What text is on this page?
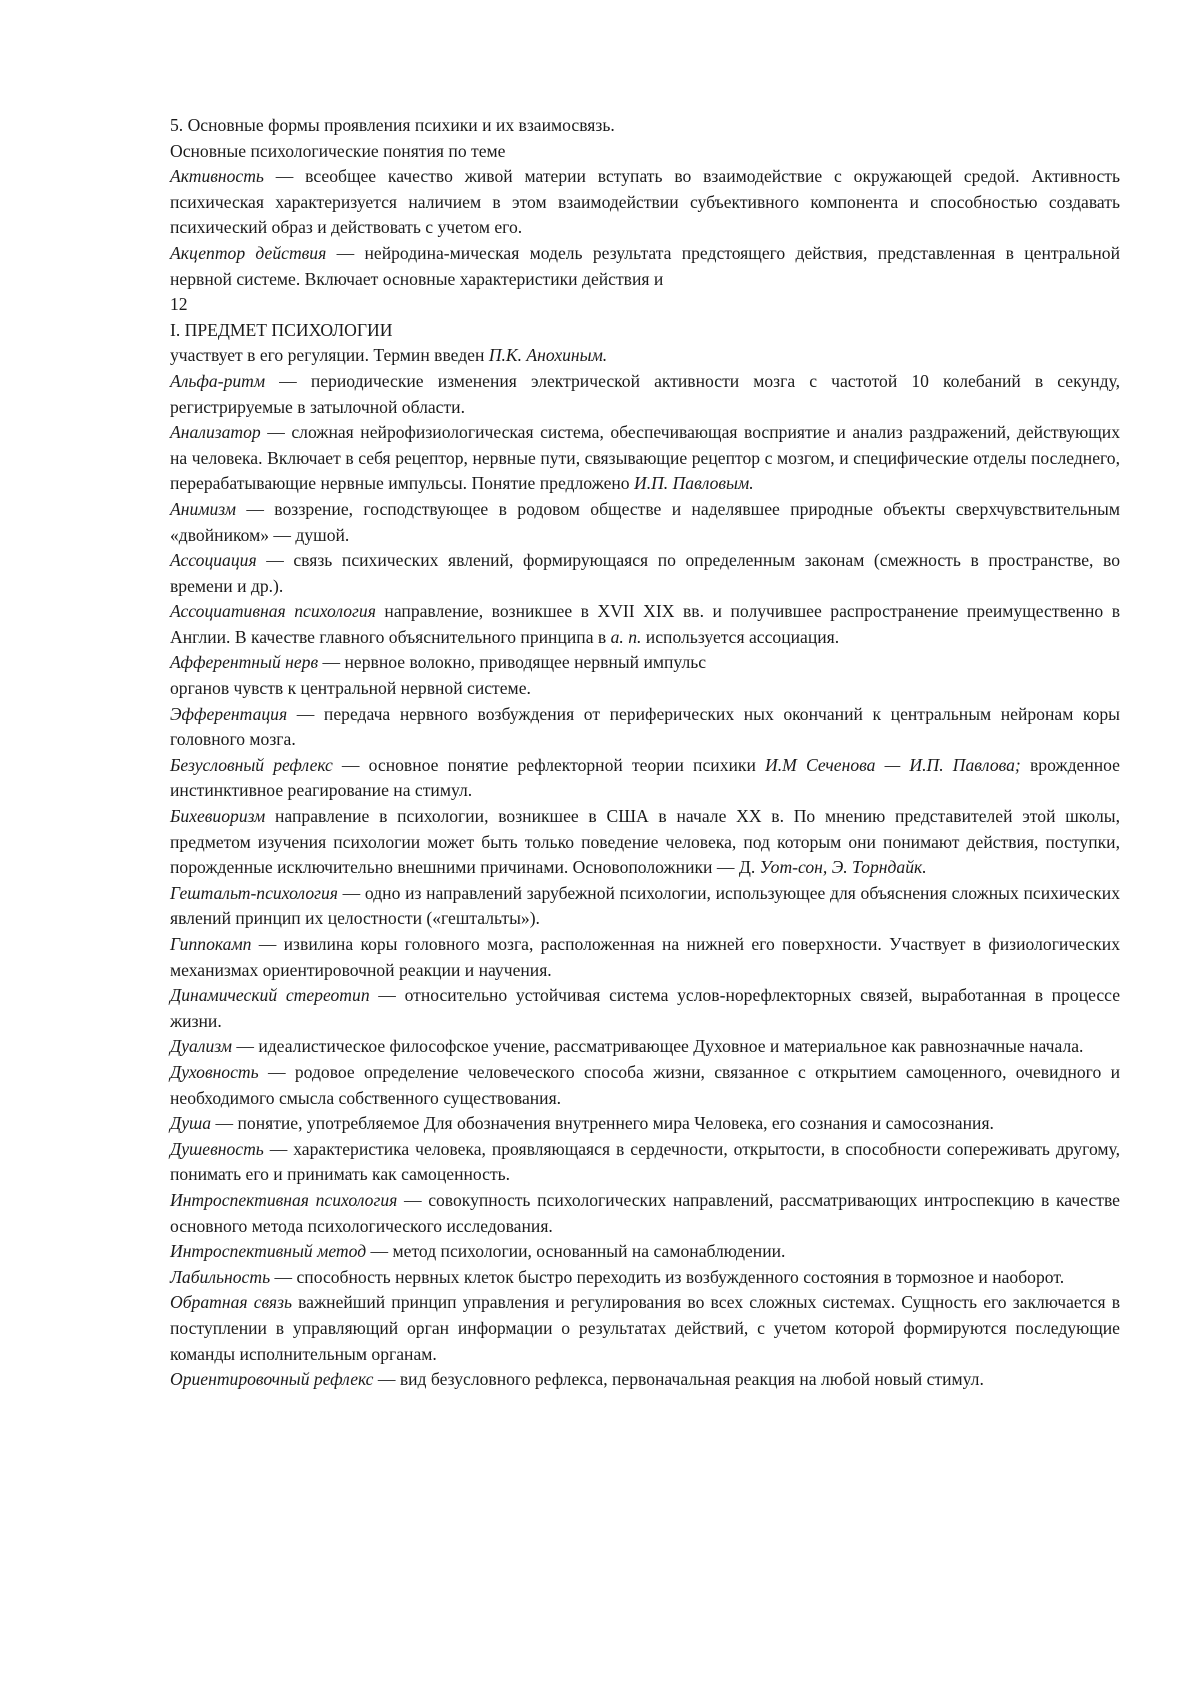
5. Основные формы проявления психики и их взаимосвязь.

Основные психологические понятия по теме

Активность — всеобщее качество живой материи вступать во взаимодействие с окружающей средой. Активность психическая характеризуется наличием в этом взаимодействии субъективного компонента и способностью создавать психический образ и действовать с учетом его.

Акцептор действия — нейродина-мическая модель результата предстоящего действия, представленная в центральной нервной системе. Включает основные характеристики действия и

12

I. ПРЕДМЕТ ПСИХОЛОГИИ

участвует в его регуляции. Термин введен П.К. Анохиным.

Альфа-ритм — периодические изменения электрической активности мозга с частотой 10 колебаний в секунду, регистрируемые в затылочной области.

Анализатор — сложная нейрофизиологическая система, обеспечивающая восприятие и анализ раздражений, действующих на человека. Включает в себя рецептор, нервные пути, связывающие рецептор с мозгом, и специфические отделы последнего, перерабатывающие нервные импульсы. Понятие предложено И.П. Павловым.

Анимизм — воззрение, господствующее в родовом обществе и наделявшее природные объекты сверхчувствительным «двойником» — душой.

Ассоциация — связь психических явлений, формирующаяся по определенным законам (смежность в пространстве, во времени и др.).

Ассоциативная психология направление, возникшее в XVII XIX вв. и получившее распространение преимущественно в Англии. В качестве главного объяснительного принципа в а. п. используется ассоциация.

Афферентный нерв — нервное волокно, приводящее нервный импульс

органов чувств к центральной нервной системе.

Эфферентация — передача нервного возбуждения от периферических ных окончаний к центральным нейронам коры головного мозга.

Безусловный рефлекс — основное понятие рефлекторной теории психики И.М Сеченова — И.П. Павлова; врожденное инстинктивное реагирование на стимул.

Бихевиоризм направление в психологии, возникшее в США в начале XX в. По мнению представителей этой школы, предметом изучения психологии может быть только поведение человека, под которым они понимают действия, поступки, порожденные исключительно внешними причинами. Основоположники — Д. Уот-сон, Э. Торндайк.

Гештальт-психология — одно из направлений зарубежной психологии, использующее для объяснения сложных психических явлений принцип их целостности («гештальты»).

Гиппокамп — извилина коры головного мозга, расположенная на нижней его поверхности. Участвует в физиологических механизмах ориентировочной реакции и научения.

Динамический стереотип — относительно устойчивая система услов-норефлекторных связей, выработанная в процессе жизни.

Дуализм — идеалистическое философское учение, рассматривающее Духовное и материальное как равнозначные начала.

Духовность — родовое определение человеческого способа жизни, связанное с открытием самоценного, очевидного и необходимого смысла собственного существования.

Душа — понятие, употребляемое Для обозначения внутреннего мира Человека, его сознания и самосознания.

Душевность — характеристика человека, проявляющаяся в сердечности, открытости, в способности сопереживать другому, понимать его и принимать как самоценность.

Интроспективная психология — совокупность психологических направлений, рассматривающих интроспекцию в качестве основного метода психологического исследования.

Интроспективный метод — метод психологии, основанный на самонаблюдении.

Лабильность — способность нервных клеток быстро переходить из возбужденного состояния в тормозное и наоборот.

Обратная связь важнейший принцип управления и регулирования во всех сложных системах. Сущность его заключается в поступлении в управляющий орган информации о результатах действий, с учетом которой формируются последующие команды исполнительным органам.

Ориентировочный рефлекс — вид безусловного рефлекса, первоначальная реакция на любой новый стимул.
